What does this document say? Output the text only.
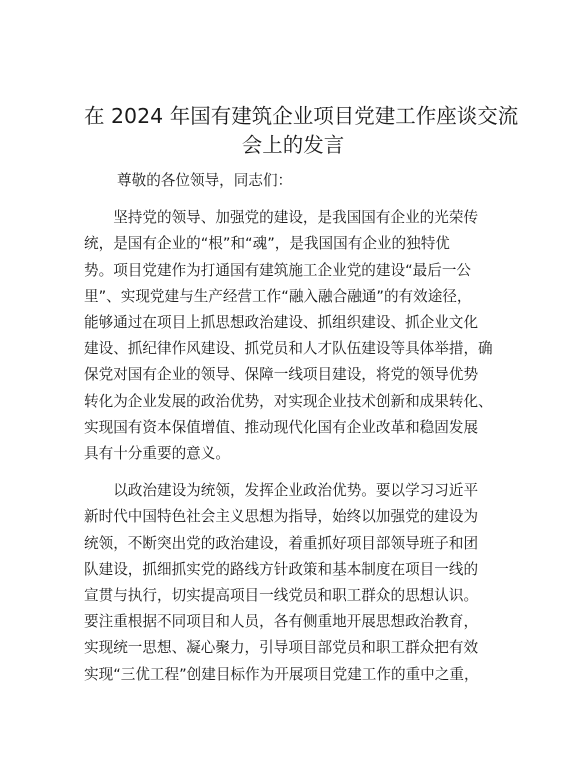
在 2024 年国有建筑企业项目党建工作座谈交流
会上的发言

尊敬的各位领导，同志们：

　　坚持党的领导、加强党的建设，是我国国有企业的光荣传
统，是国有企业的“根”和“魂”，是我国国有企业的独特优
势。项目党建作为打通国有建筑施工企业党的建设“最后一公
里”、实现党建与生产经营工作“融入融合融通”的有效途径，
能够通过在项目上抓思想政治建设、抓组织建设、抓企业文化
建设、抓纪律作风建设、抓党员和人才队伍建设等具体举措，确
保党对国有企业的领导、保障一线项目建设，将党的领导优势
转化为企业发展的政治优势，对实现企业技术创新和成果转化、
实现国有资本保值增值、推动现代化国有企业改革和稳固发展
具有十分重要的意义。

　　以政治建设为统领，发挥企业政治优势。要以学习习近平
新时代中国特色社会主义思想为指导，始终以加强党的建设为
统领，不断突出党的政治建设，着重抓好项目部领导班子和团
队建设，抓细抓实党的路线方针政策和基本制度在项目一线的
宣贯与执行，切实提高项目一线党员和职工群众的思想认识。
要注重根据不同项目和人员，各有侧重地开展思想政治教育，
实现统一思想、凝心聚力，引导项目部党员和职工群众把有效
实现“三优工程”创建目标作为开展项目党建工作的重中之重，
